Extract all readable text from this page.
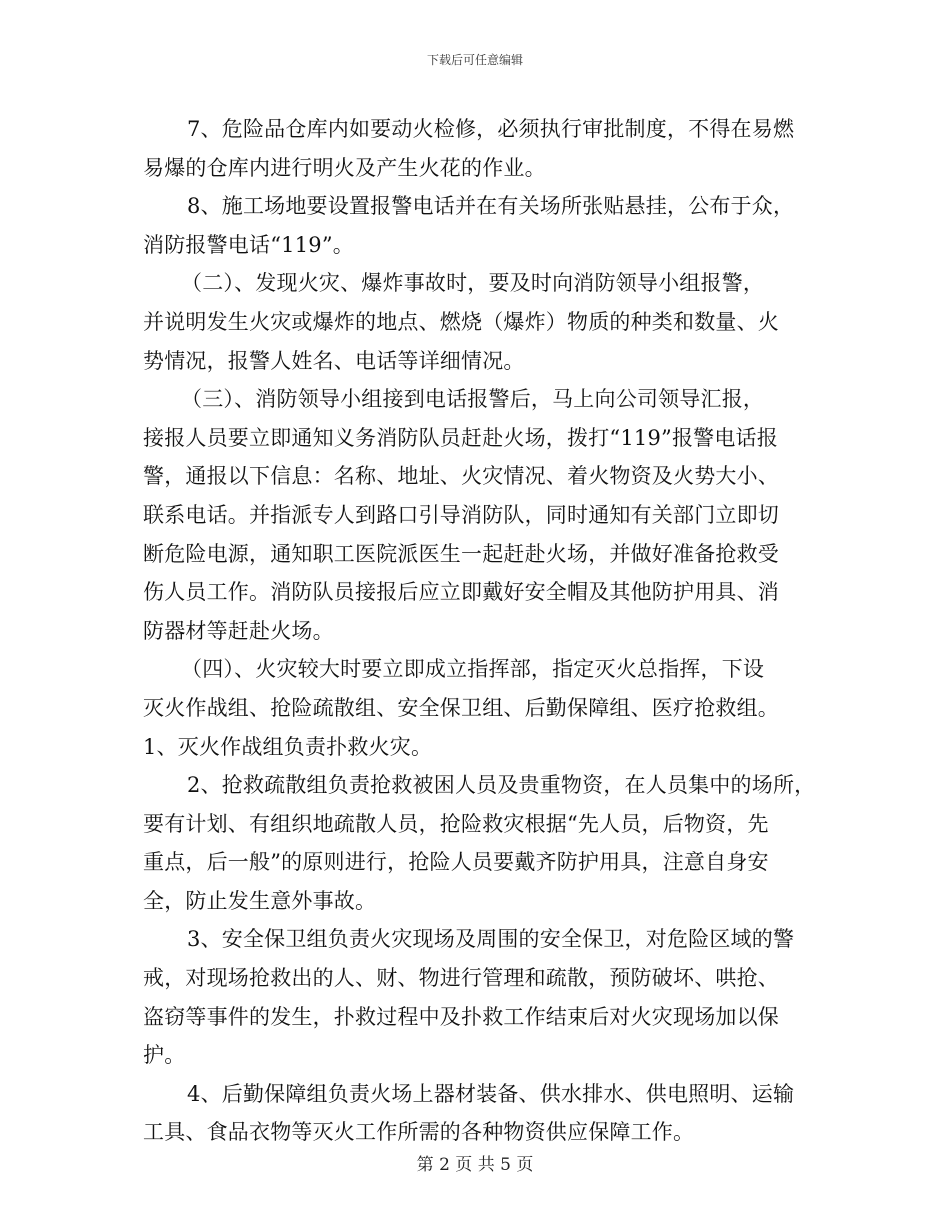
下载后可任意编辑
7、危险品仓库内如要动火检修，必须执行审批制度，不得在易燃
易爆的仓库内进行明火及产生火花的作业。
8、施工场地要设置报警电话并在有关场所张贴悬挂，公布于众，
消防报警电话“119”。
（二）、发现火灾、爆炸事故时，要及时向消防领导小组报警，
并说明发生火灾或爆炸的地点、燃烧（爆炸）物质的种类和数量、火
势情况，报警人姓名、电话等详细情况。
（三）、消防领导小组接到电话报警后，马上向公司领导汇报，
接报人员要立即通知义务消防队员赶赴火场，拨打“119”报警电话报
警，通报以下信息：名称、地址、火灾情况、着火物资及火势大小、
联系电话。并指派专人到路口引导消防队，同时通知有关部门立即切
断危险电源，通知职工医院派医生一起赶赴火场，并做好准备抢救受
伤人员工作。消防队员接报后应立即戴好安全帽及其他防护用具、消
防器材等赶赴火场。
（四）、火灾较大时要立即成立指挥部，指定灭火总指挥，下设
灭火作战组、抢险疏散组、安全保卫组、后勤保障组、医疗抢救组。
1、灭火作战组负责扑救火灾。
2、抢救疏散组负责抢救被困人员及贵重物资，在人员集中的场所，
要有计划、有组织地疏散人员，抢险救灾根据“先人员，后物资，先
重点，后一般”的原则进行，抢险人员要戴齐防护用具，注意自身安
全，防止发生意外事故。
3、安全保卫组负责火灾现场及周围的安全保卫，对危险区域的警
戒，对现场抢救出的人、财、物进行管理和疏散，预防破坏、哄抢、
盗窃等事件的发生，扑救过程中及扑救工作结束后对火灾现场加以保
护。
4、后勤保障组负责火场上器材装备、供水排水、供电照明、运输
工具、食品衣物等灭火工作所需的各种物资供应保障工作。
第 2 页 共 5 页
